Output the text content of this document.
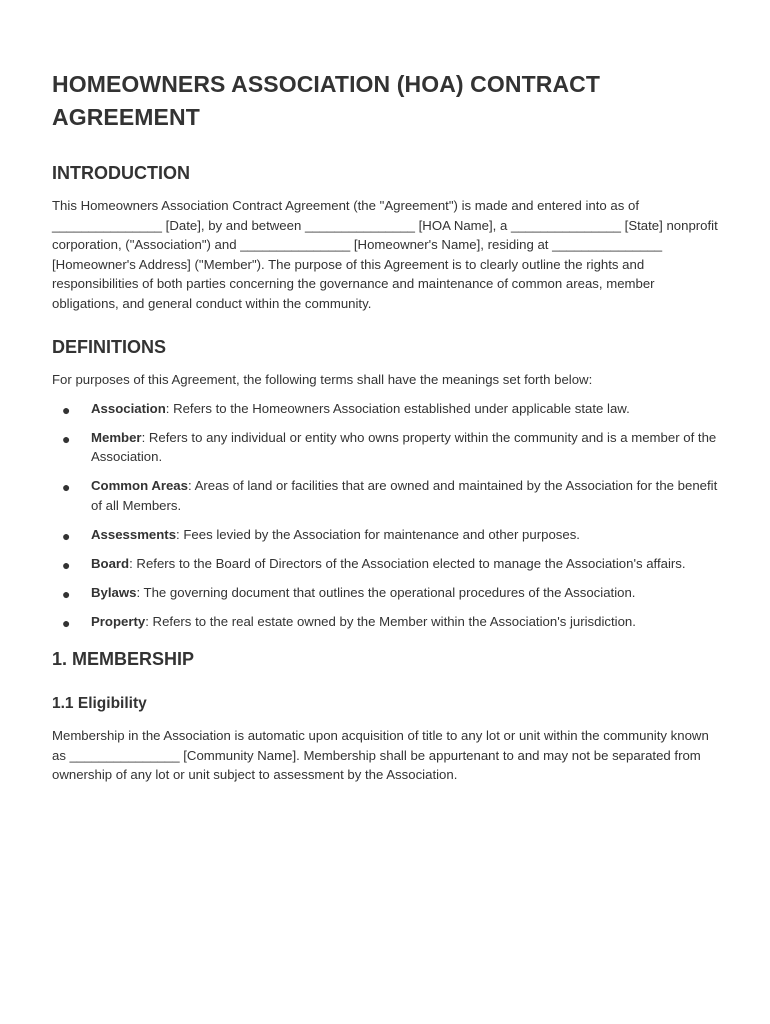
HOMEOWNERS ASSOCIATION (HOA) CONTRACT AGREEMENT
INTRODUCTION

This Homeowners Association Contract Agreement (the "Agreement") is made and entered into as of _______________ [Date], by and between _______________ [HOA Name], a _______________ [State] nonprofit corporation, ("Association") and _______________ [Homeowner's Name], residing at _______________ [Homeowner's Address] ("Member"). The purpose of this Agreement is to clearly outline the rights and responsibilities of both parties concerning the governance and maintenance of common areas, member obligations, and general conduct within the community.

DEFINITIONS

For purposes of this Agreement, the following terms shall have the meanings set forth below:

● Association: Refers to the Homeowners Association established under applicable state law.
● Member: Refers to any individual or entity who owns property within the community and is a member of the Association.
● Common Areas: Areas of land or facilities that are owned and maintained by the Association for the benefit of all Members.
● Assessments: Fees levied by the Association for maintenance and other purposes.
● Board: Refers to the Board of Directors of the Association elected to manage the Association's affairs.
● Bylaws: The governing document that outlines the operational procedures of the Association.
● Property: Refers to the real estate owned by the Member within the Association's jurisdiction.
1. MEMBERSHIP
1.1 Eligibility

Membership in the Association is automatic upon acquisition of title to any lot or unit within the community known as _______________ [Community Name]. Membership shall be appurtenant to and may not be separated from ownership of any lot or unit subject to assessment by the Association.
